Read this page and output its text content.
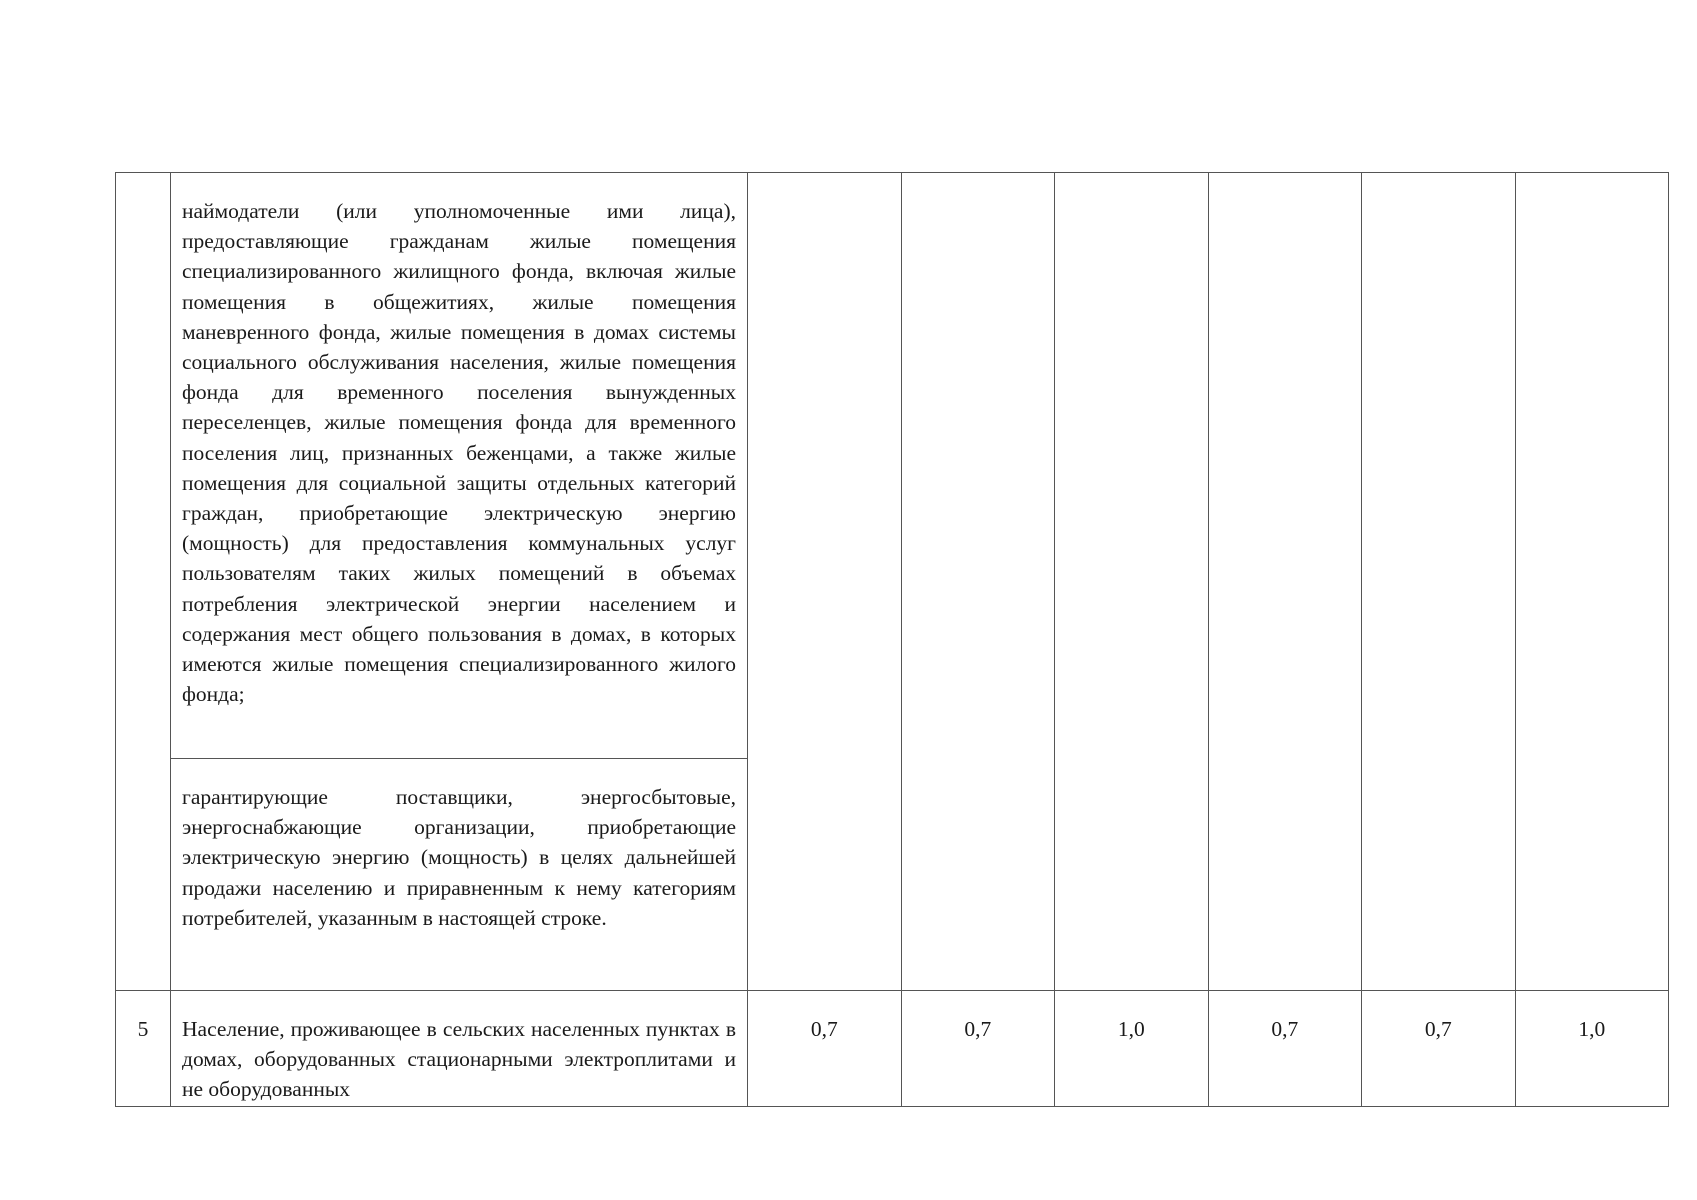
	наймодатели (или уполномоченные ими лица), предоставляющие гражданам жилые помещения специализированного жилищного фонда, включая жилые помещения в общежитиях, жилые помещения маневренного фонда, жилые помещения в домах системы социального обслуживания населения, жилые помещения фонда для временного поселения вынужденных переселенцев, жилые помещения фонда для временного поселения лиц, признанных беженцами, а также жилые помещения для социальной защиты отдельных категорий граждан, приобретающие электрическую энергию (мощность) для предоставления коммунальных услуг пользователям таких жилых помещений в объемах потребления электрической энергии населением и содержания мест общего пользования в домах, в которых имеются жилые помещения специализированного жилого фонда;						

	гарантирующие поставщики, энергосбытовые, энергоснабжающие организации, приобретающие электрическую энергию (мощность) в целях дальнейшей продажи населению и приравненным к нему категориям потребителей, указанным в настоящей строке.						

5	Население, проживающее в сельских населенных пунктах в домах, оборудованных стационарными электроплитами и не оборудованных	0,7	0,7	1,0	0,7	0,7	1,0
